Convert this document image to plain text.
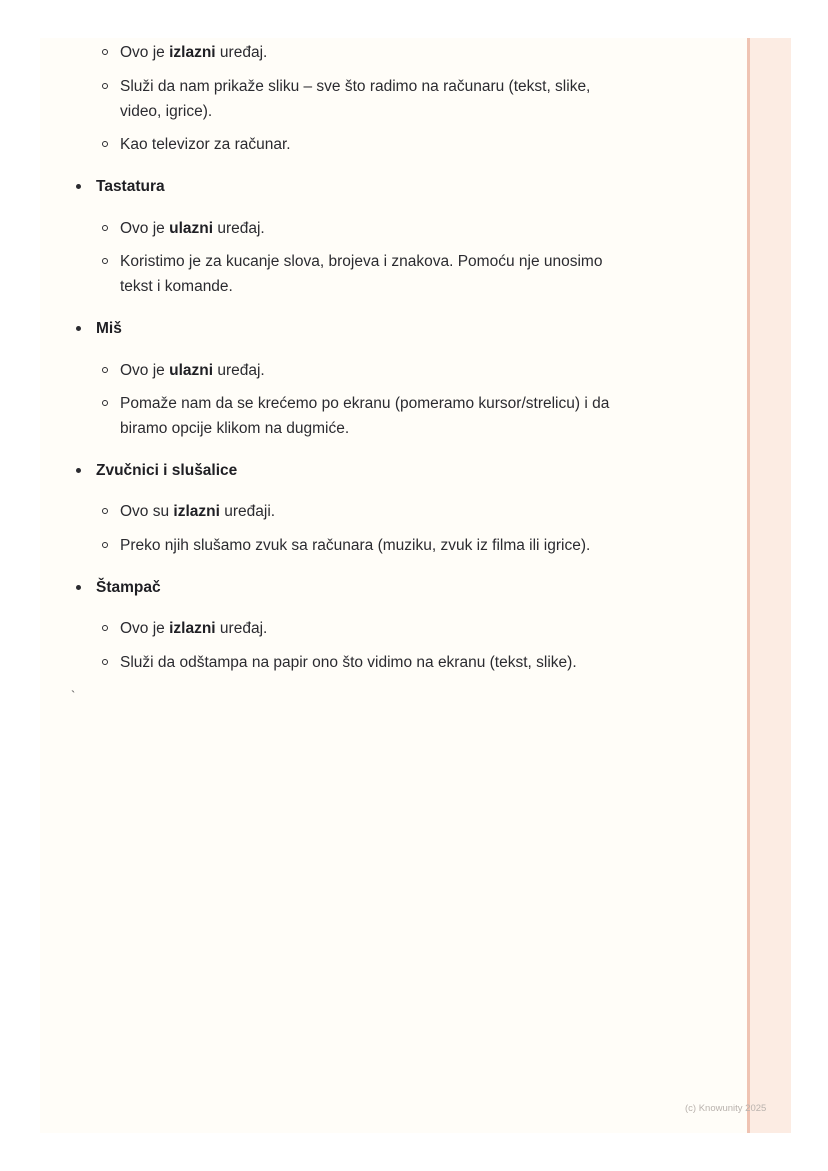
Ovo je izlazni uređaj.
Služi da nam prikaže sliku – sve što radimo na računaru (tekst, slike,
video, igrice).
Kao televizor za računar.
Tastatura
Ovo je ulazni uređaj.
Koristimo je za kucanje slova, brojeva i znakova. Pomoću nje unosimo
tekst i komande.
Miš
Ovo je ulazni uređaj.
Pomaže nam da se krećemo po ekranu (pomeramo kursor/strelicu) i da
biramo opcije klikom na dugmiće.
Zvučnici i slušalice
Ovo su izlazni uređaji.
Preko njih slušamo zvuk sa računara (muziku, zvuk iz filma ili igrice).
Štampač
Ovo je izlazni uređaj.
Služi da odštampa na papir ono što vidimo na ekranu (tekst, slike).
`
(c) Knowunity 2025
